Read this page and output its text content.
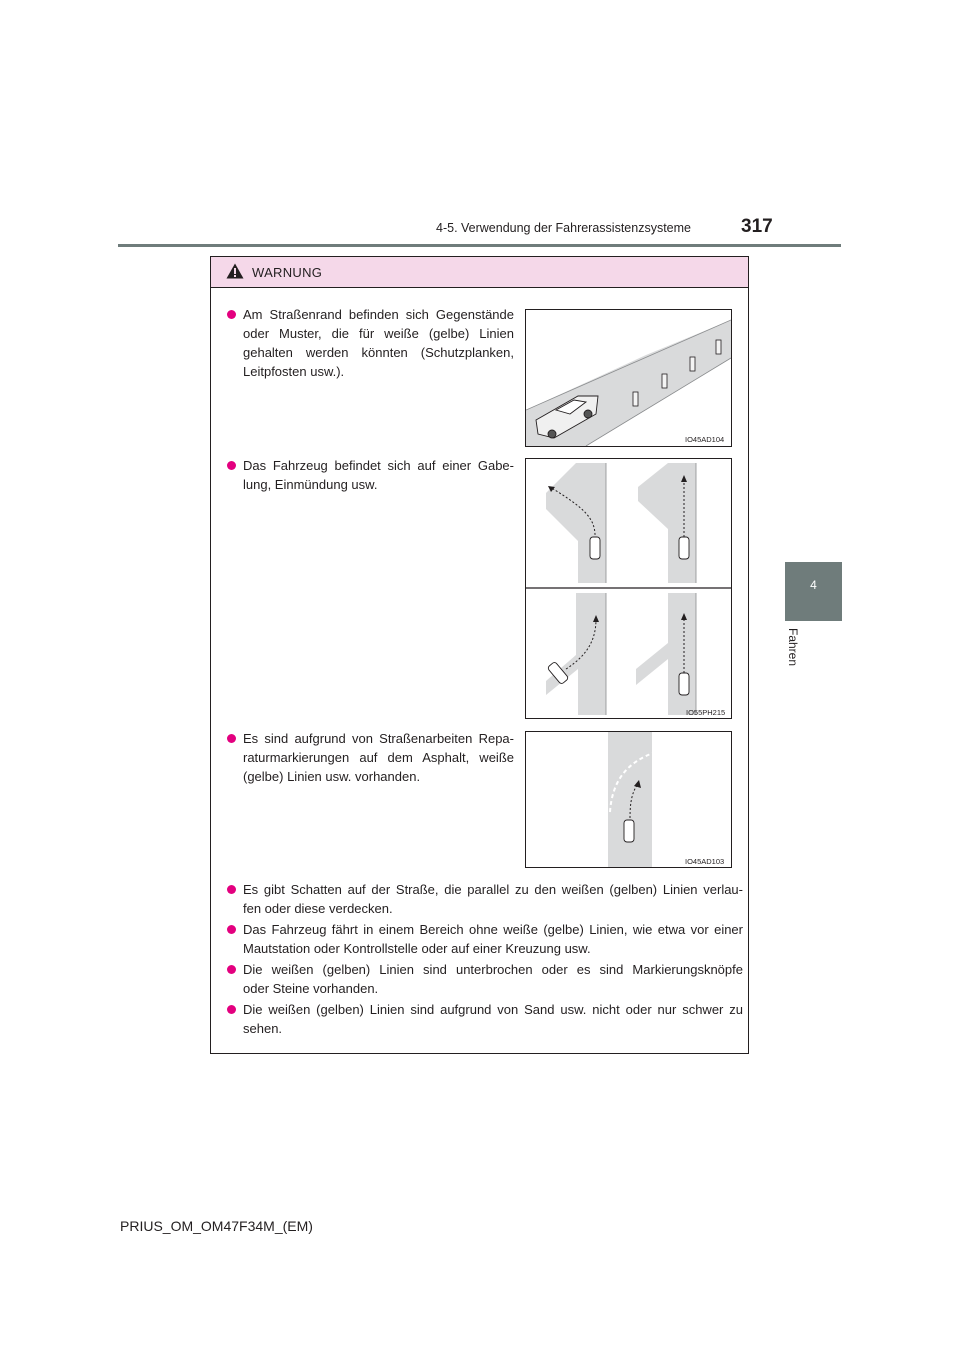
4-5. Verwendung der Fahrerassistenzsysteme	317
4
Fahren
WARNUNG
Am Straßenrand befinden sich Gegenstände
oder Muster, die für weiße (gelbe) Linien
gehalten werden könnten (Schutzplanken,
Leitpfosten usw.).
IO45AD104
Das Fahrzeug befindet sich auf einer Gabe-
lung, Einmündung usw.
IO55PH215
Es sind aufgrund von Straßenarbeiten Repa-
raturmarkierungen auf dem Asphalt, weiße
(gelbe) Linien usw. vorhanden.
IO45AD103
Es gibt Schatten auf der Straße, die parallel zu den weißen (gelben) Linien verlau-
fen oder diese verdecken.
Das Fahrzeug fährt in einem Bereich ohne weiße (gelbe) Linien, wie etwa vor einer
Mautstation oder Kontrollstelle oder auf einer Kreuzung usw.
Die weißen (gelben) Linien sind unterbrochen oder es sind Markierungsknöpfe
oder Steine vorhanden.
Die weißen (gelben) Linien sind aufgrund von Sand usw. nicht oder nur schwer zu
sehen.
PRIUS_OM_OM47F34M_(EM)
